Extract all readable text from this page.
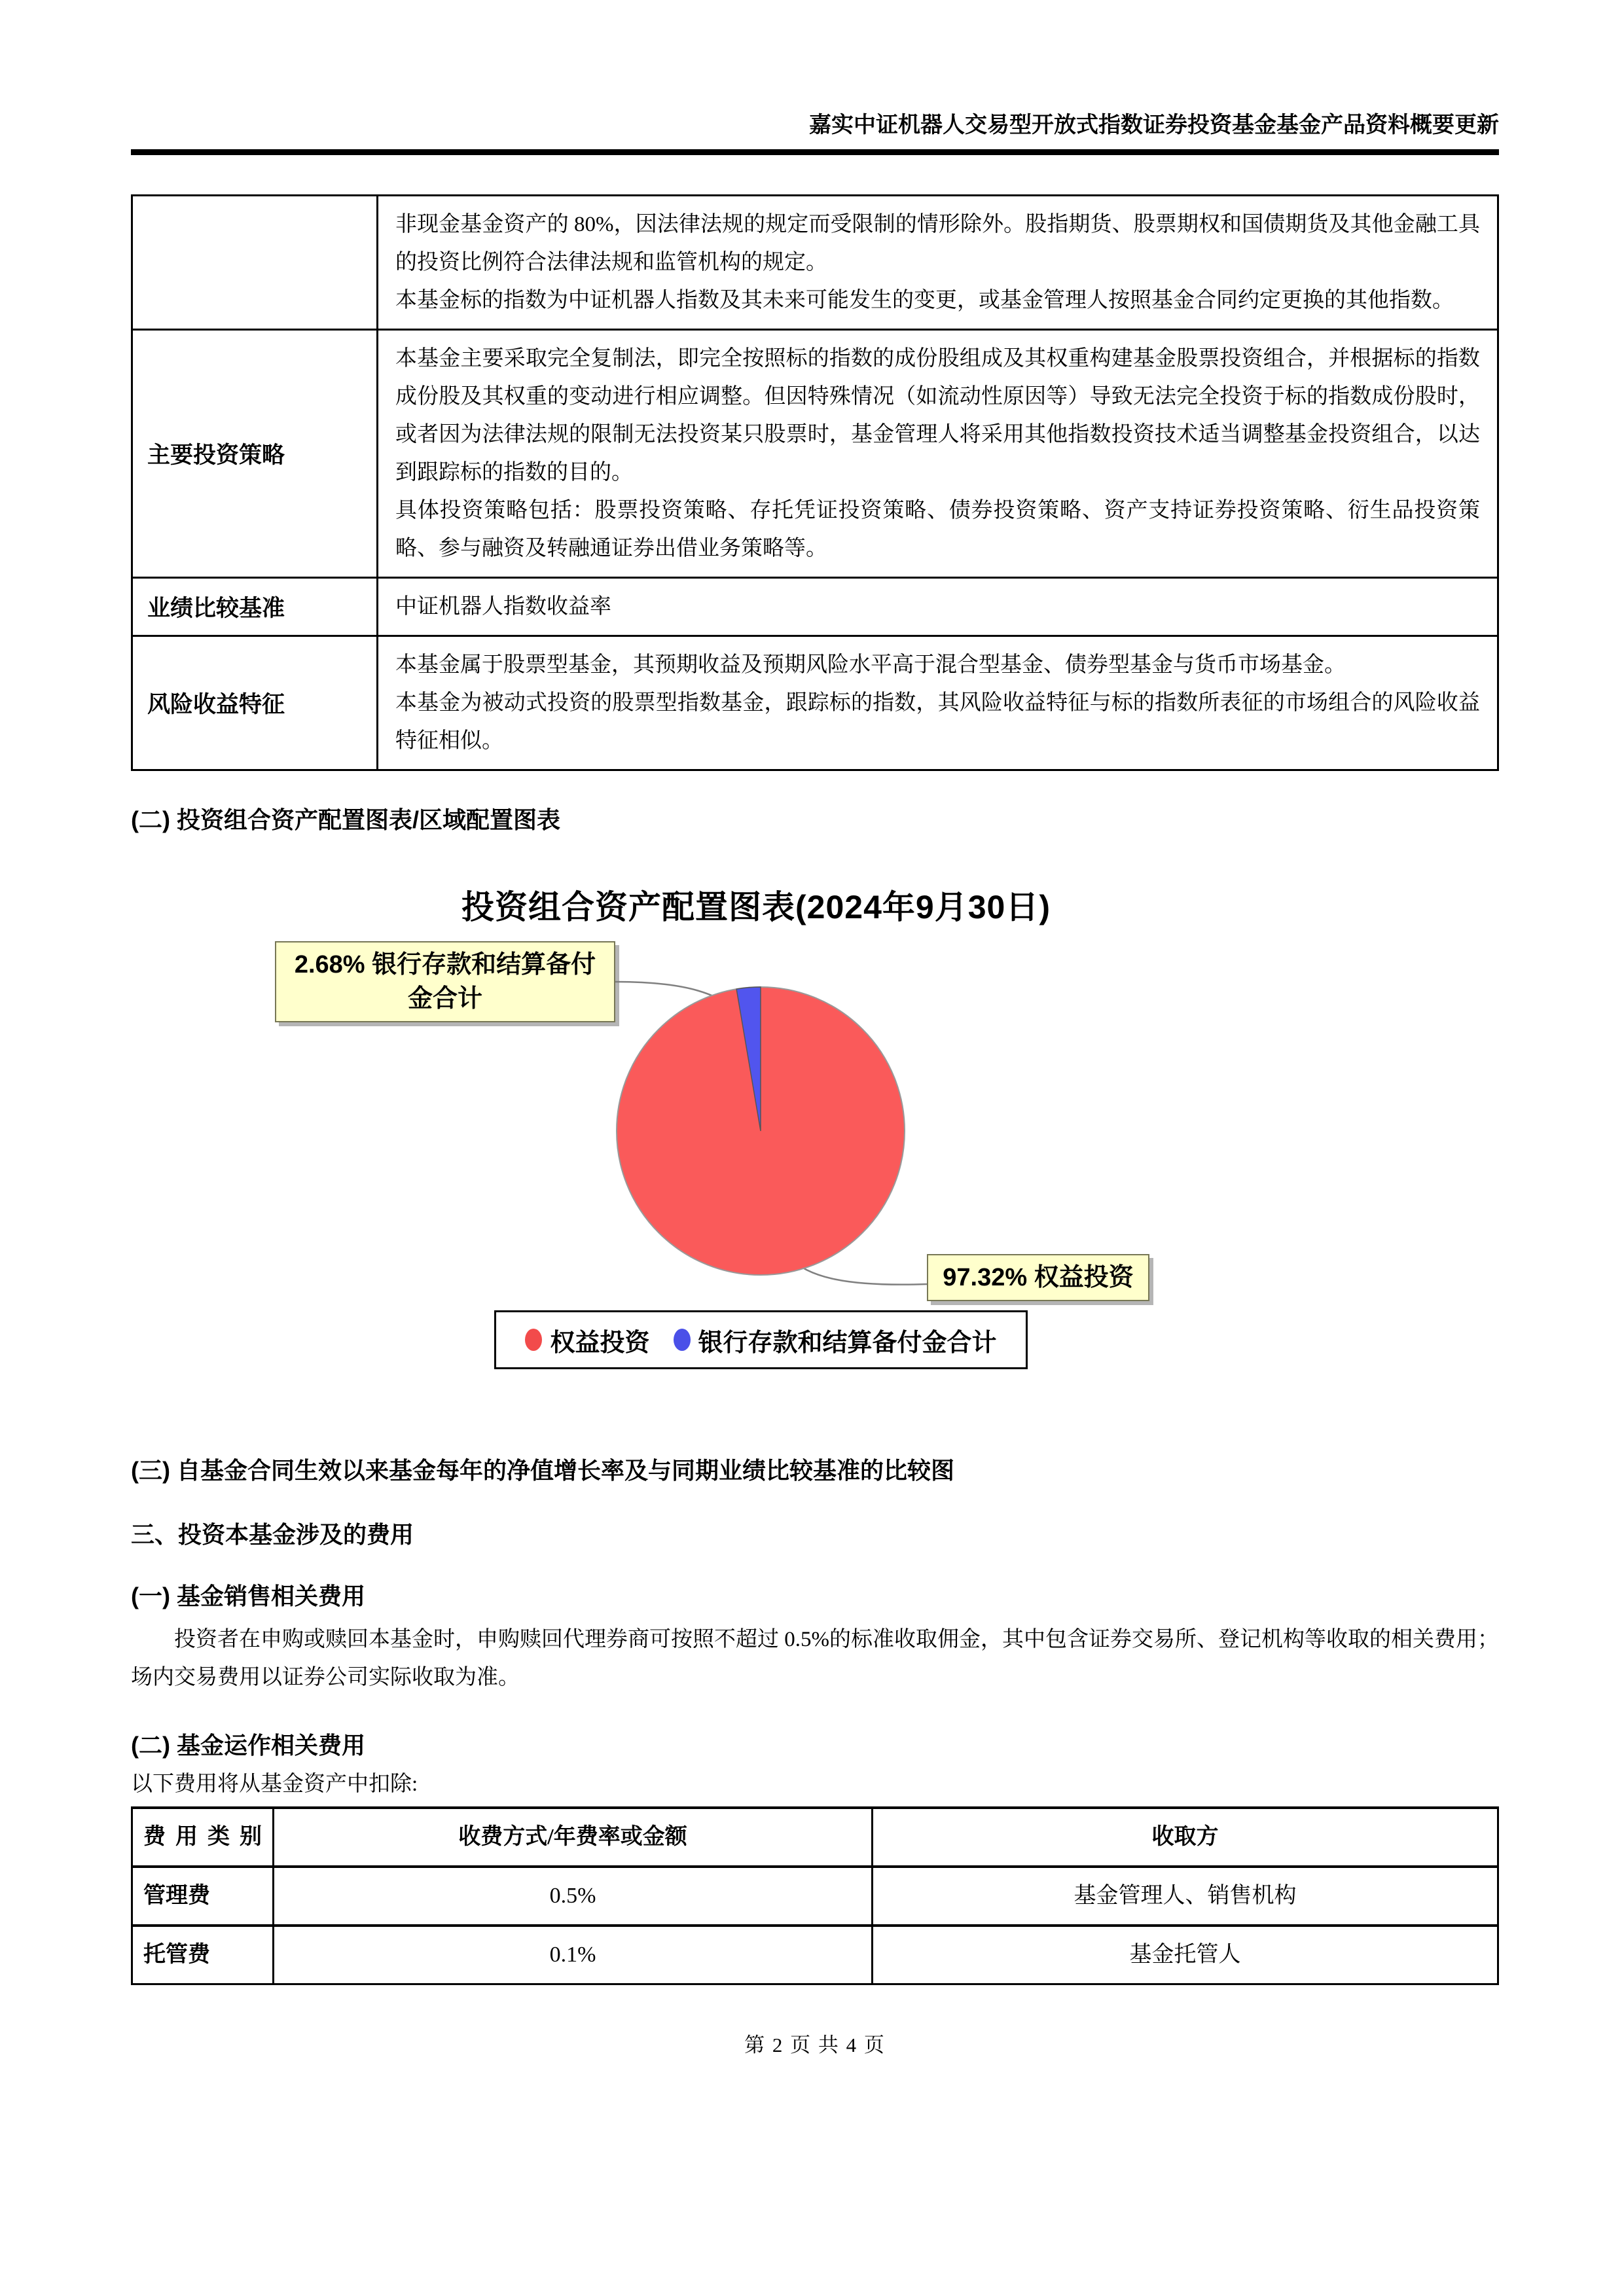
嘉实中证机器人交易型开放式指数证券投资基金基金产品资料概要更新

	非现金基金资产的 80%，因法律法规的规定而受限制的情形除外。股指期货、股票期权和国债期货及其他金融工具的投资比例符合法律法规和监管机构的规定。

本基金标的指数为中证机器人指数及其未来可能发生的变更，或基金管理人按照基金合同约定更换的其他指数。

主要投资策略	本基金主要采取完全复制法，即完全按照标的指数的成份股组成及其权重构建基金股票投资组合，并根据标的指数成份股及其权重的变动进行相应调整。但因特殊情况（如流动性原因等）导致无法完全投资于标的指数成份股时，或者因为法律法规的限制无法投资某只股票时，基金管理人将采用其他指数投资技术适当调整基金投资组合，以达到跟踪标的指数的目的。

具体投资策略包括：股票投资策略、存托凭证投资策略、债券投资策略、资产支持证券投资策略、衍生品投资策略、参与融资及转融通证券出借业务策略等。

业绩比较基准	中证机器人指数收益率

风险收益特征	本基金属于股票型基金，其预期收益及预期风险水平高于混合型基金、债券型基金与货币市场基金。

本基金为被动式投资的股票型指数基金，跟踪标的指数，其风险收益特征与标的指数所表征的市场组合的风险收益特征相似。

(二) 投资组合资产配置图表/区域配置图表
投资组合资产配置图表(2024年9月30日)
2.68% 银行存款和结算备付金合计
97.32% 权益投资
权益投资 银行存款和结算备付金合计
(三) 自基金合同生效以来基金每年的净值增长率及与同期业绩比较基准的比较图
三、投资本基金涉及的费用
(一) 基金销售相关费用

投资者在申购或赎回本基金时，申购赎回代理券商可按照不超过 0.5%的标准收取佣金，其中包含证券交易所、登记机构等收取的相关费用；场内交易费用以证券公司实际收取为准。

(二) 基金运作相关费用
以下费用将从基金资产中扣除:
费 用 类 别	收费方式/年费率或金额	收取方
管理费	0.5%	基金管理人、销售机构
托管费	0.1%	基金托管人
第 2 页 共 4 页
